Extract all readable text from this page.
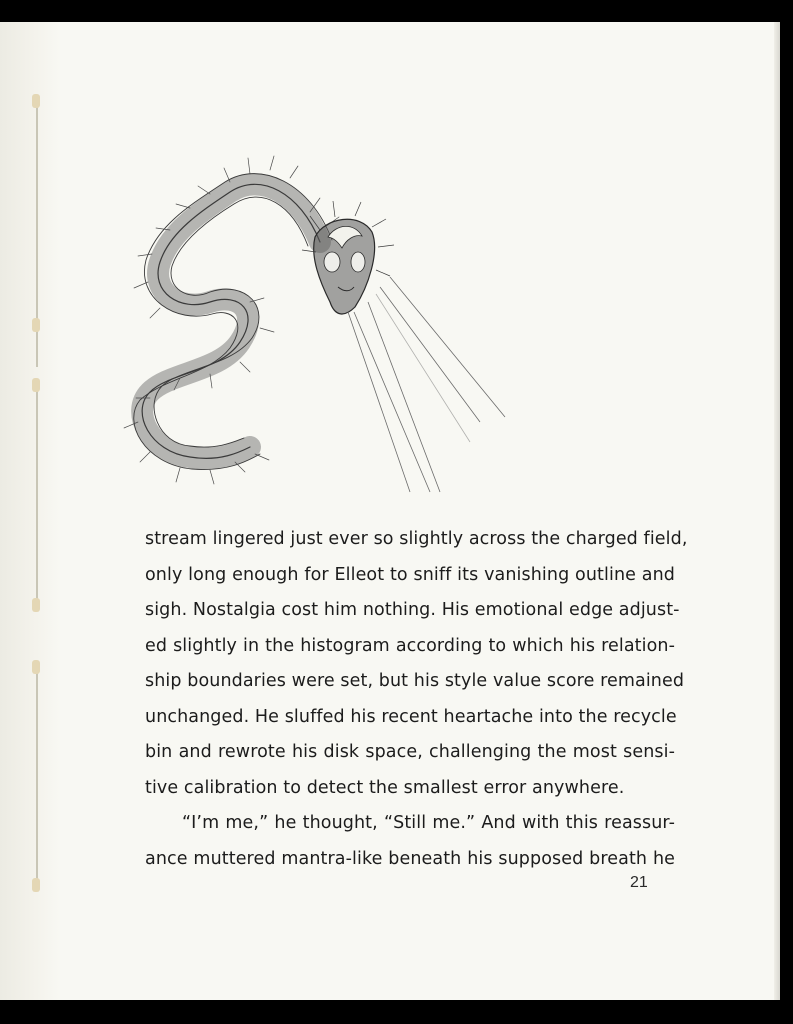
stream lingered just ever so slightly across the charged field,
only long enough for Elleot to sniff its vanishing outline and
sigh. Nostalgia cost him nothing. His emotional edge adjust-
ed slightly in the histogram according to which his relation-
ship boundaries were set, but his style value score remained
unchanged. He sluffed his recent heartache into the recycle
bin and rewrote his disk space, challenging the most sensi-
tive calibration to detect the smallest error anywhere.
“I’m me,” he thought, “Still me.” And with this reassur-
ance muttered mantra-like beneath his supposed breath he
21
